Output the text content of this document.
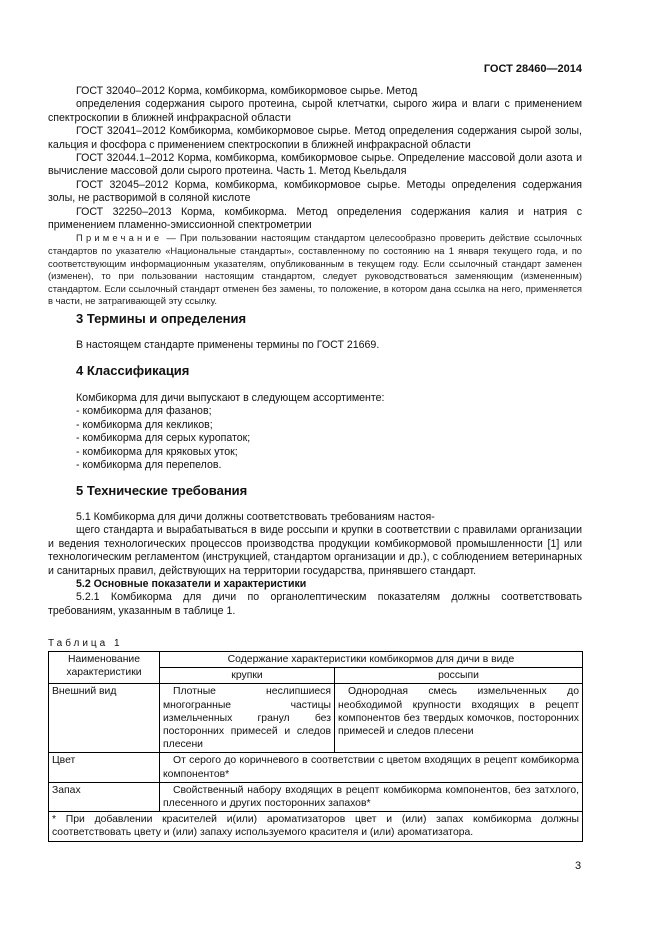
ГОСТ 28460—2014

ГОСТ 32040–2012 Корма, комбикорма, комбикормовое сырье. Метод

определения содержания сырого протеина, сырой клетчатки, сырого жира и влаги с применением спектроскопии в ближней инфракрасной области

ГОСТ 32041–2012 Комбикорма, комбикормовое сырье. Метод определения содержания сырой золы, кальция и фосфора с применением спектроскопии в ближней инфракрасной области

ГОСТ 32044.1–2012 Корма, комбикорма, комбикормовое сырье. Определение массовой доли азота и вычисление массовой доли сырого протеина. Часть 1. Метод Кьельдаля

ГОСТ 32045–2012 Корма, комбикорма, комбикормовое сырье. Методы определения содержания золы, не растворимой в соляной кислоте

ГОСТ 32250–2013 Корма, комбикорма. Метод определения содержания калия и натрия с применением пламенно-эмиссионной спектрометрии

Примечание — При пользовании настоящим стандартом целесообразно проверить действие ссылочных стандартов по указателю «Национальные стандарты», составленному по состоянию на 1 января текущего года, и по соответствующим информационным указателям, опубликованным в текущем году. Если ссылочный стандарт заменен (изменен), то при пользовании настоящим стандартом, следует руководствоваться заменяющим (измененным) стандартом. Если ссылочный стандарт отменен без замены, то положение, в котором дана ссылка на него, применяется в части, не затрагивающей эту ссылку.

3 Термины и определения

В настоящем стандарте применены термины по ГОСТ 21669.

4 Классификация

Комбикорма для дичи выпускают в следующем ассортименте:

- комбикорма для фазанов;
- комбикорма для кекликов;
- комбикорма для серых куропаток;
- комбикорма для кряковых уток;
- комбикорма для перепелов.
5 Технические требования

5.1 Комбикорма для дичи должны соответствовать требованиям настоя-

щего стандарта и вырабатываться в виде россыпи и крупки в соответствии с правилами организации и ведения технологических процессов производства продукции комбикормовой промышленности [1] или технологическим регламентом (инструкцией, стандартом организации и др.), с соблюдением ветеринарных и санитарных правил, действующих на территории государства, принявшего стандарт.

5.2 Основные показатели и характеристики

5.2.1 Комбикорма для дичи по органолептическим показателям должны соответствовать требованиям, указанным в таблице 1.

Таблица 1
Наименование характеристики	Содержание характеристики комбикормов для дичи в виде	
	крупки	россыпи
Внешний вид	Плотные неслипшиеся многогранные частицы измельченных гранул без посторонних примесей и следов плесени	Однородная смесь измельченных до необходимой крупности входящих в рецепт компонентов без твердых комочков, посторонних примесей и следов плесени
Цвет	От серого до коричневого в соответствии с цветом входящих в рецепт комбикорма компонентов*	
Запах	Свойственный набору входящих в рецепт комбикорма компонентов, без затхлого, плесенного и других посторонних запахов*	
* При добавлении красителей и(или) ароматизаторов цвет и (или) запах комбикорма должны соответствовать цвету и (или) запаху используемого красителя и (или) ароматизатора.		
3
